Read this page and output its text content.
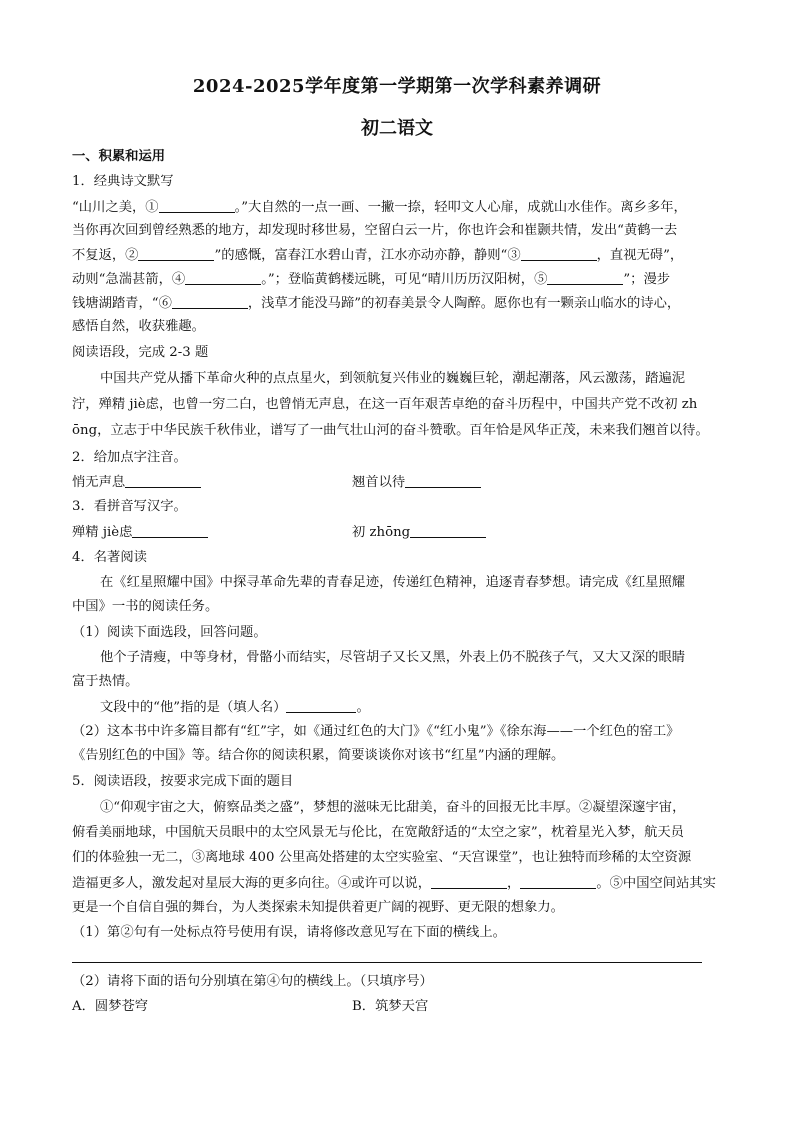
2024-2025学年度第一学期第一次学科素养调研
初二语文
一、积累和运用
1．经典诗文默写
“山川之美，①	。”大自然的一点一画、一撇一捺，轻叩文人心扉，成就山水佳作。离乡多年，
当你再次回到曾经熟悉的地方，却发现时移世易，空留白云一片，你也许会和崔颢共情，发出“黄鹤一去
不复返，②	”的感慨，富春江水碧山青，江水亦动亦静，静则“③	，直视无碍”，
动则“急湍甚箭，④	。”；登临黄鹤楼远眺，可见“晴川历历汉阳树，⑤	”；漫步
钱塘湖踏青，“⑥	，浅草才能没马蹄”的初春美景令人陶醉。愿你也有一颗亲山临水的诗心，
感悟自然，收获雅趣。
阅读语段，完成 2-3 题
中国共产党从播下革命火种的点点星火，到领航复兴伟业的巍巍巨轮，潮起潮落，风云激荡，踏遍泥
泞，殚精 jiè虑，也曾一穷二白，也曾悄无声息，在这一百年艰苦卓绝的奋斗历程中，中国共产党不改初 zh
ōng，立志于中华民族千秋伟业，谱写了一曲气壮山河的奋斗赞歌。百年恰是风华正茂，未来我们翘首以待。
2．给加点字注音。
悄无声息	翘首以待
3．看拼音写汉字。
殚精 jiè虑	初 zhōng
4．名著阅读
在《红星照耀中国》中探寻革命先辈的青春足迹，传递红色精神，追逐青春梦想。请完成《红星照耀
中国》一书的阅读任务。
（1）阅读下面选段，回答问题。
他个子清瘦，中等身材，骨骼小而结实，尽管胡子又长又黑，外表上仍不脱孩子气，又大又深的眼睛
富于热情。
文段中的“他”指的是（填人名）	。
（2）这本书中许多篇目都有“红”字，如《通过红色的大门》《“红小鬼”》《徐东海——一个红色的窑工》
《告别红色的中国》等。结合你的阅读积累，简要谈谈你对该书“红星”内涵的理解。
5．阅读语段，按要求完成下面的题目
①“仰观宇宙之大，俯察品类之盛”，梦想的滋味无比甜美，奋斗的回报无比丰厚。②凝望深邃宇宙，
俯看美丽地球，中国航天员眼中的太空风景无与伦比，在宽敞舒适的“太空之家”，枕着星光入梦，航天员
们的体验独一无二，③离地球 400 公里高处搭建的太空实验室、“天宫课堂”，也让独特而珍稀的太空资源
造福更多人，激发起对星辰大海的更多向往。④或许可以说，	，	。⑤中国空间站其实
更是一个自信自强的舞台，为人类探索未知提供着更广阔的视野、更无限的想象力。
（1）第②句有一处标点符号使用有误，请将修改意见写在下面的横线上。
（2）请将下面的语句分别填在第④句的横线上。（只填序号）
A．圆梦苍穹	B．筑梦天宫
